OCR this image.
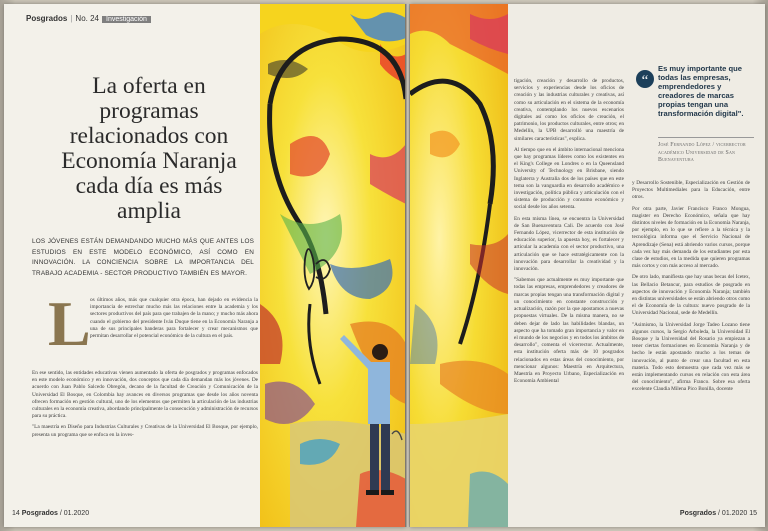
Posgrados | No. 24 Investigación
La oferta en programas relacionados con Economía Naranja cada día es más amplia
LOS JÓVENES ESTÁN DEMANDANDO MUCHO MÁS QUE ANTES LOS ESTUDIOS EN ESTE MODELO ECONÓMICO, ASÍ COMO EN INNOVACIÓN. LA CONCIENCIA SOBRE LA IMPORTANCIA DEL TRABAJO ACADEMIA - SECTOR PRODUCTIVO TAMBIÉN ES MAYOR.
L os últimos años, más que cualquier otra época, han dejado en evidencia la importancia de estrechar mucho más las relaciones entre la academia y los sectores productivos del país para que trabajen de la mano; y mucho más ahora cuando el gobierno del presidente Iván Duque tiene en la Economía Naranja a una de sus principales banderas para fortalecer y crear mecanismos que permitan desarrollar el potencial económico de la cultura en el país.

En ese sentido, las entidades educativas vienen aumentado la oferta de posgrados y programas enfocados en este modelo económico y en innovación, dos conceptos que cada día demandan más los jóvenes. De acuerdo con Juan Pablo Salcedo Obregón, decano de la facultad de Creación y Comunicación de la Universidad El Bosque, en Colombia hay avances en diversos programas que desde los años noventa ofrecen formación en gestión cultural, uno de los elementos que permiten la articulación de las industrias culturales en la economía creativa, abordando principalmente la consecución y administración de recursos para su práctica.

"La maestría en Diseño para Industrias Culturales y Creativas de la Universidad El Bosque, por ejemplo, presenta un programa que se enfoca en la inves-

14 Posgrados / 01.2020

tigación, creación y desarrollo de productos, servicios y experiencias desde los oficios de creación y las industrias culturales y creativas, así como su articulación en el sistema de la economía creativa, contemplando los nuevos escenarios digitales así como los oficios de creación, el patrimonio, los productos culturales, entre otros; en Medellín, la UPB desarrolló una maestría de similares características", explica.

Al tiempo que en el ámbito internacional menciona que hay programas líderes como los existentes en el King's College en Londres o en la Queensland University of Technology en Brisbane, siendo Inglaterra y Australia dos de los países que en este tema son la vanguardia en desarrollo académico e investigación, política pública y articulación con el sistema de producción y consumo económico y social desde los años setenta.

En esta misma línea, se encuentra la Universidad de San Buenaventura Cali. De acuerdo con José Fernando López, vicerrector de esta institución de educación superior, la apuesta hoy, es fortalecer y articular la academia con el sector productivo, una articulación que se hace estratégicamente con la innovación para desarrollar la creatividad y la innovación.

"Sabemos que actualmente es muy importante que todas las empresas, emprendedores y creadores de marcas propias tengan una transformación digital y un conocimiento en constante construcción y actualización, razón por la que apostamos a nuevas propuestas virtuales. De la misma manera, no se deben dejar de lado las habilidades blandas, un aspecto que ha tomado gran importancia y valor en el mundo de los negocios y en todos los ámbitos de desarrollo", comenta el vicerrector. Actualmente, esta institución oferta más de 10 posgrados relacionados en estas áreas del conocimiento, por mencionar algunos: Maestría en Arquitectura, Maestría en Proyecto Urbano, Especialización en Economía Ambiental

“
Es muy importante que todas las empresas, emprendedores y creadores de marcas propias tengan una transformación digital".
José Fernando López / vicerrector académico Universidad de San Buenaventura

y Desarrollo Sostenible, Especialización en Gestión de Proyectos Multimediales para la Educación, entre otros.

Por otra parte, Javier Francisco Franco Mongua, magister en Derecho Económico, señala que hay distintos niveles de formación en la Economía Naranja, por ejemplo, en lo que se refiere a la técnica y la tecnológica informa que el Servicio Nacional de Aprendizaje (Sena) está abriendo varios cursos, porque cada vez hay más demanda de los estudiantes por esta clase de estudios, en la medida que quieren programas más cortos y con más acceso al mercado.

De otro lado, manifiesta que hay unas becas del Icetex, las Bellacio Betancur, para estudios de posgrado en aspectos de innovación y Economía Naranja; también en distintas universidades se están abriendo otros como el de Economía de la cultura: nuevo posgrado de la Universidad Nacional, sede de Medellín.

"Asimismo, la Universidad Jorge Tadeo Lozano tiene algunos cursos, la Sergio Arboleda, la Universidad El Bosque y la Universidad del Rosario ya empiezan a tener ciertas formaciones en Economía Naranja y de hecho le están apostando mucho a los temas de innovación, al punto de crear una facultad en esta materia. Todo esto demuestra que cada vez más se están implementando cursos en relación con esta área del conocimiento", afirma Franco. Sobre esa oferta excelente Claudia Milena Pico Bonilla, docente

Posgrados / 01.2020 15
